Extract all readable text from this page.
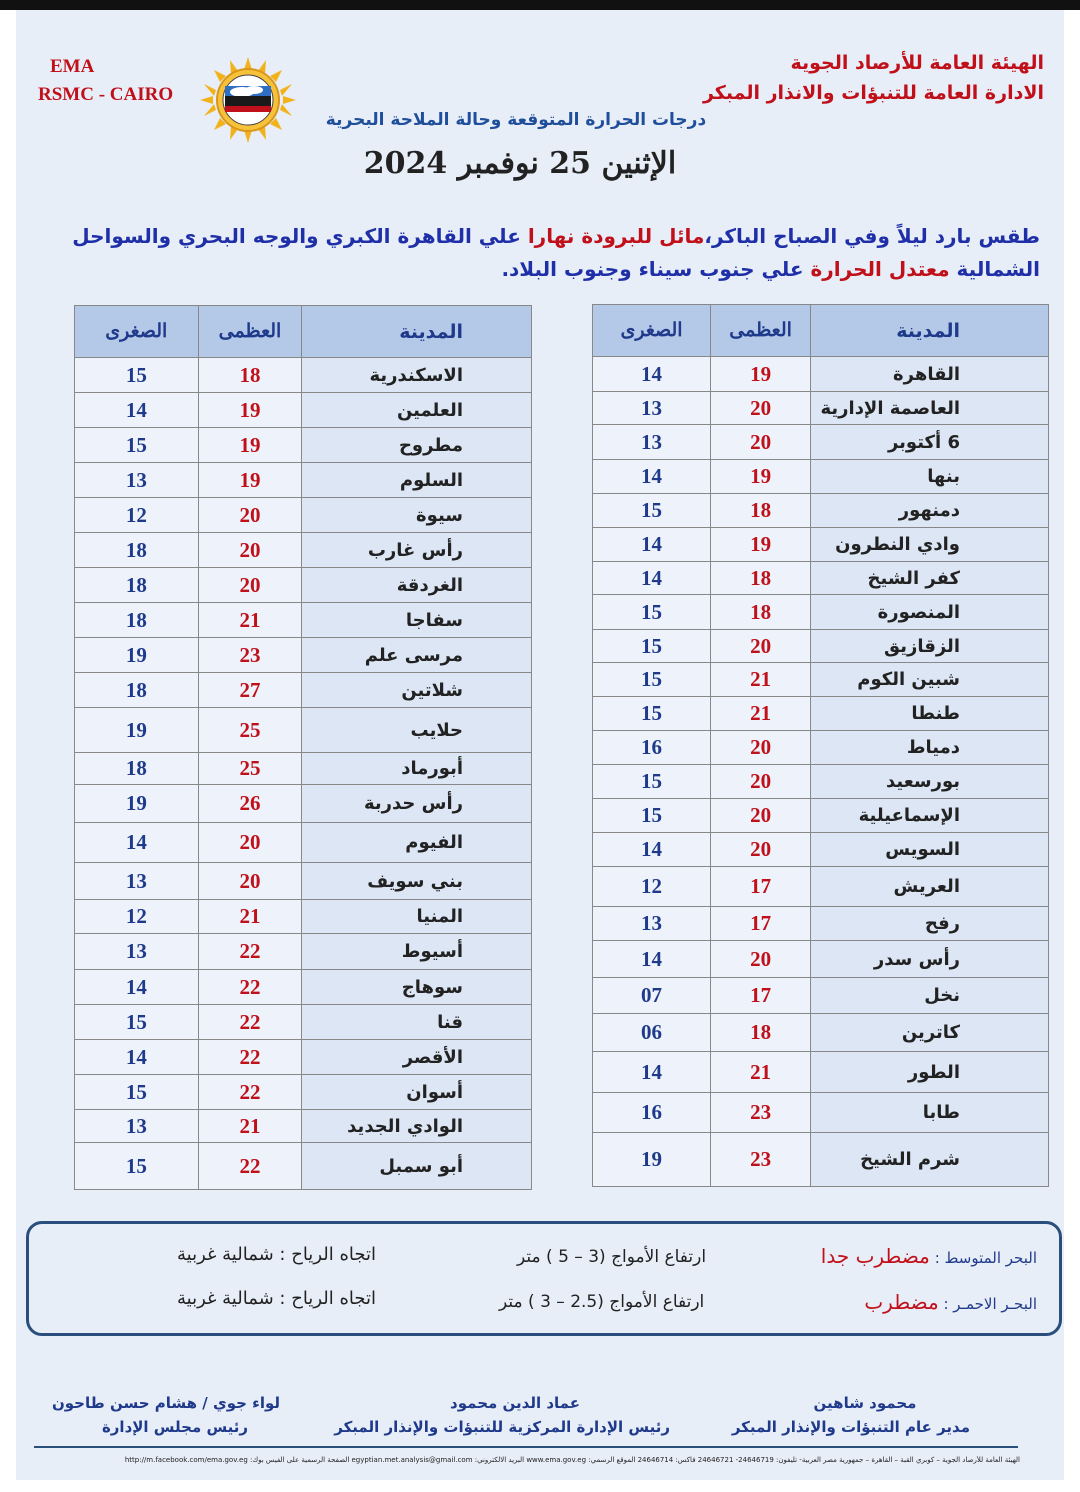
EMA
RSMC - CAIRO
الهيئة العامة للأرصاد الجوية
الادارة العامة للتنبؤات والانذار المبكر
درجات الحرارة المتوقعة وحالة الملاحة البحرية
الإثنين 25 نوفمبر 2024
طقس بارد ليلاً وفي الصباح الباكر،مائل للبرودة نهارا علي القاهرة الكبري والوجه البحري والسواحل الشمالية معتدل الحرارة علي جنوب سيناء وجنوب البلاد.
الصغرى	العظمى	المدينة
15	18	الاسكندرية
14	19	العلمين
15	19	مطروح
13	19	السلوم
12	20	سيوة
18	20	رأس غارب
18	20	الغردقة
18	21	سفاجا
19	23	مرسى علم
18	27	شلاتين
19	25	حلايب
18	25	أبورماد
19	26	رأس حدربة
14	20	الفيوم
13	20	بني سويف
12	21	المنيا
13	22	أسيوط
14	22	سوهاج
15	22	قنا
14	22	الأقصر
15	22	أسوان
13	21	الوادي الجديد
15	22	أبو سمبل
الصغرى	العظمى	المدينة
14	19	القاهرة
13	20	العاصمة الإدارية
13	20	6 أكتوبر
14	19	بنها
15	18	دمنهور
14	19	وادي النطرون
14	18	كفر الشيخ
15	18	المنصورة
15	20	الزقازيق
15	21	شبين الكوم
15	21	طنطا
16	20	دمياط
15	20	بورسعيد
15	20	الإسماعيلية
14	20	السويس
12	17	العريش
13	17	رفح
14	20	رأس سدر
07	17	نخل
06	18	كاترين
14	21	الطور
16	23	طابا
19	23	شرم الشيخ
البحر المتوسط : مضطرب جدا
ارتفاع الأمواج (3 – 5 ) متر
اتجاه الرياح : شمالية غربية
البحـر الاحمـر : مضطرب
ارتفاع الأمواج (2.5 – 3 ) متر
اتجاه الرياح : شمالية غربية
محمود شاهين
مدير عام التنبؤات والإنذار المبكر
عماد الدين محمود
رئيس الإدارة المركزية للتنبؤات والإنذار المبكر
لواء جوي / هشام حسن طاحون
رئيس مجلس الإدارة
الهيئة العامة للأرصاد الجوية – كوبري القبة – القاهرة – جمهورية مصر العربية- تليفون: 24646719- 24646721 فاكس: 24646714 الموقع الرسمي: www.ema.gov.eg البريد الالكتروني: egyptian.met.analysis@gmail.com الصفحة الرسمية على الفيس بوك: http://m.facebook.com/ema.gov.eg
